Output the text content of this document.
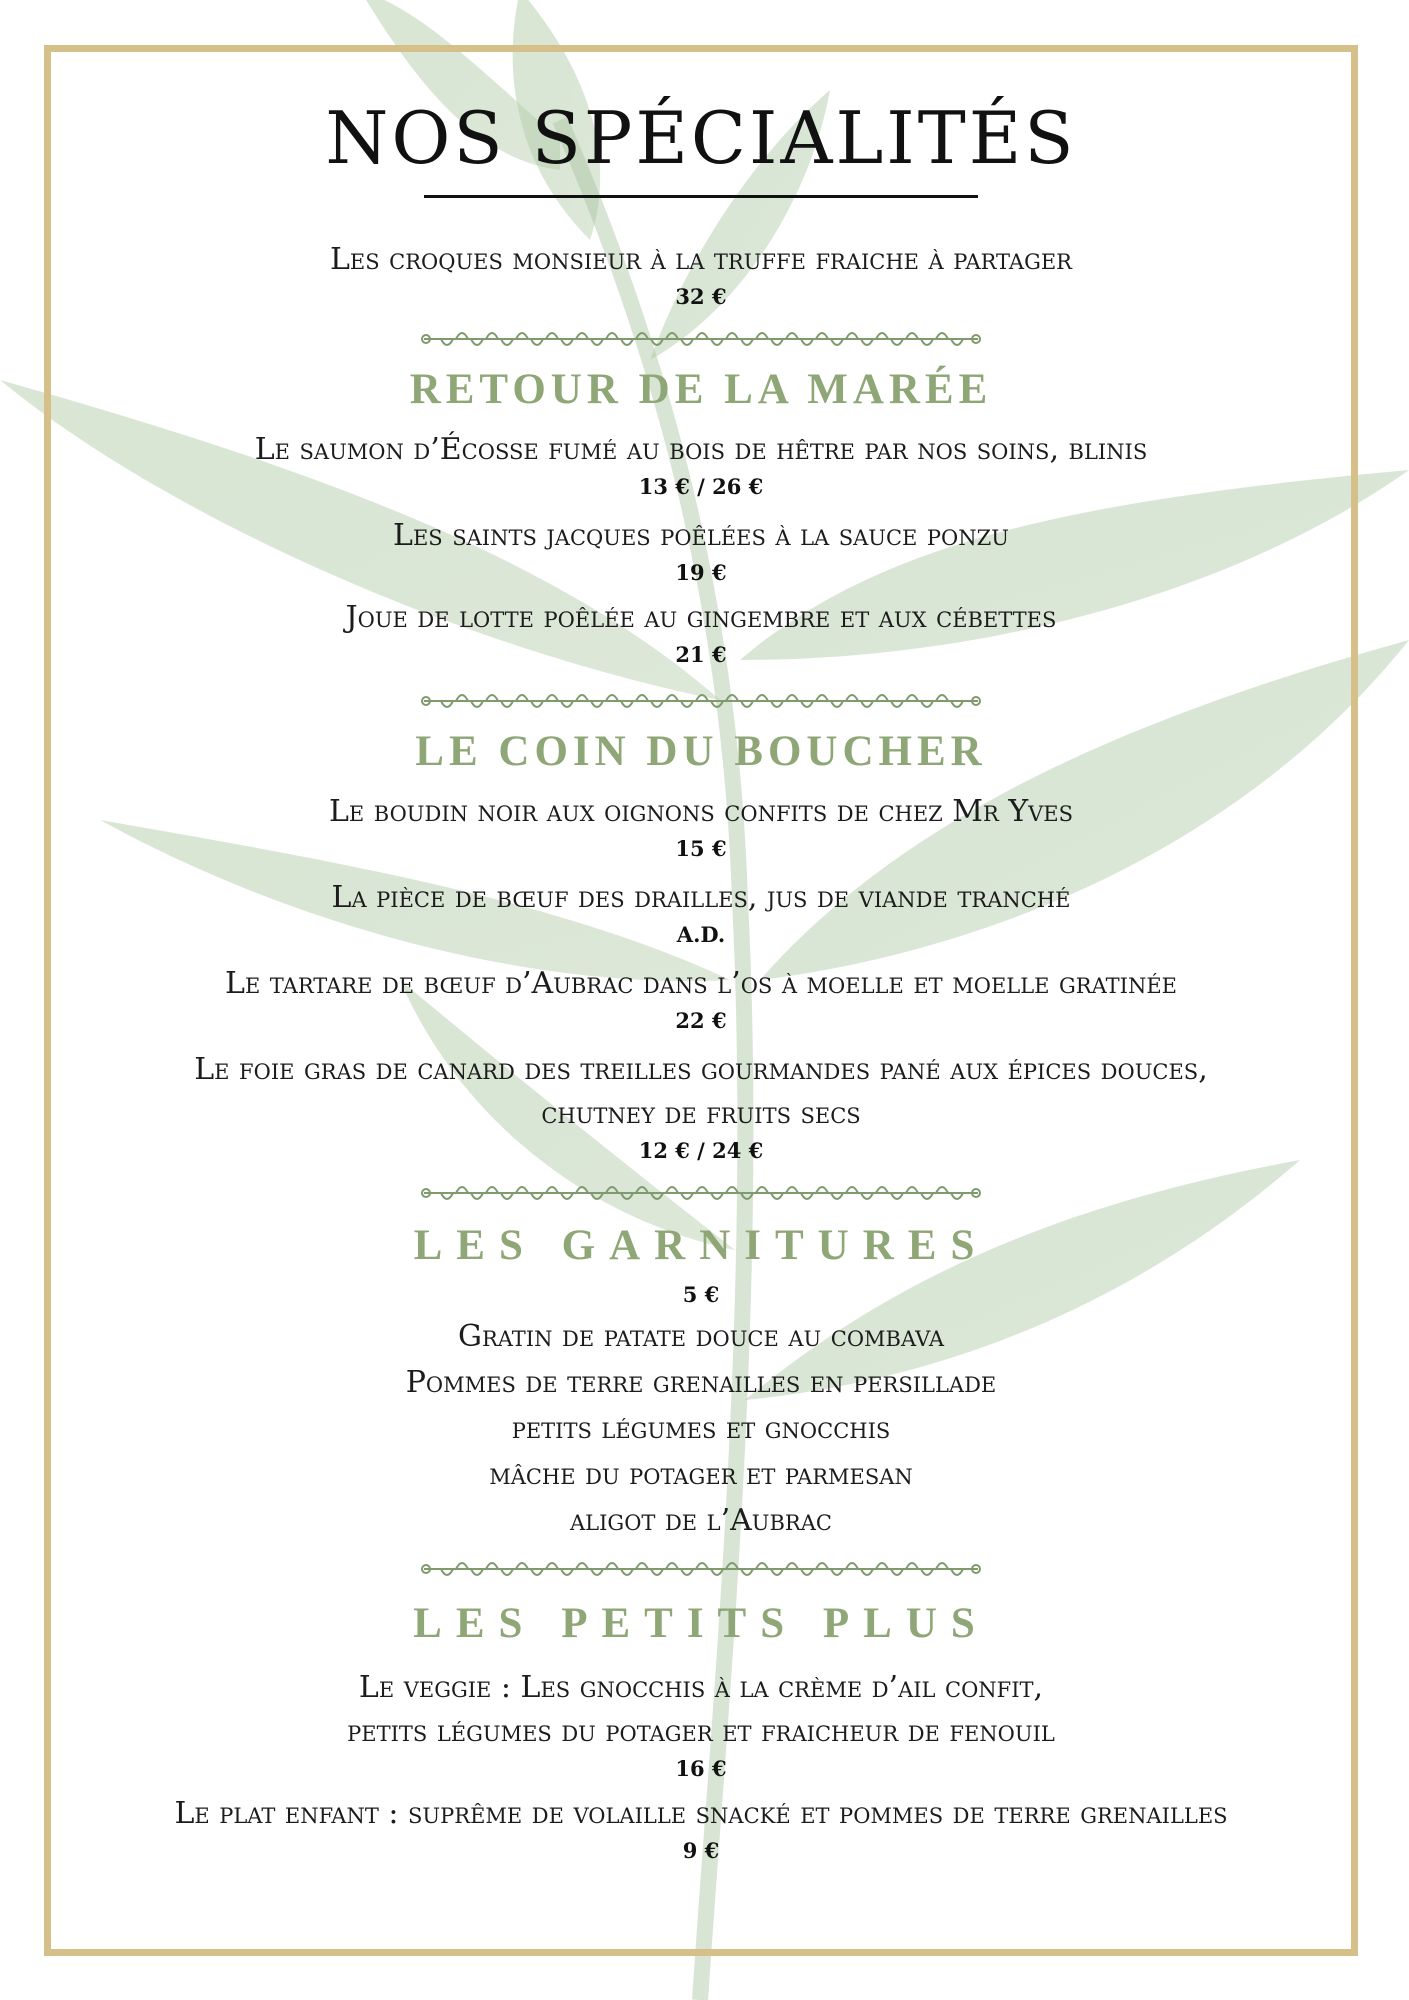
NOS SPÉCIALITÉS
Les croques monsieur à la truffe fraiche à partager
32 €
RETOUR DE LA MARÉE
Le saumon d’Écosse fumé au bois de hêtre par nos soins, blinis
13 € / 26 €
Les saints jacques poêlées à la sauce ponzu
19 €
Joue de lotte poêlée au gingembre et aux cébettes
21 €
LE COIN DU BOUCHER
Le boudin noir aux oignons confits de chez Mr Yves
15 €
La pièce de bœuf des drailles, jus de viande tranché
A.D.
Le tartare de bœuf d’Aubrac dans l’os à moelle et moelle gratinée
22 €
Le foie gras de canard des treilles gourmandes pané aux épices douces,
chutney de fruits secs
12 € / 24 €
LES GARNITURES
5 €
Gratin de patate douce au combava
Pommes de terre grenailles en persillade
petits légumes et gnocchis
mâche du potager et parmesan
aligot de l’Aubrac
LES PETITS PLUS
Le veggie : Les gnocchis à la crème d’ail confit,
petits légumes du potager et fraicheur de fenouil
16 €
Le plat enfant : suprême de volaille snacké et pommes de terre grenailles
9 €
